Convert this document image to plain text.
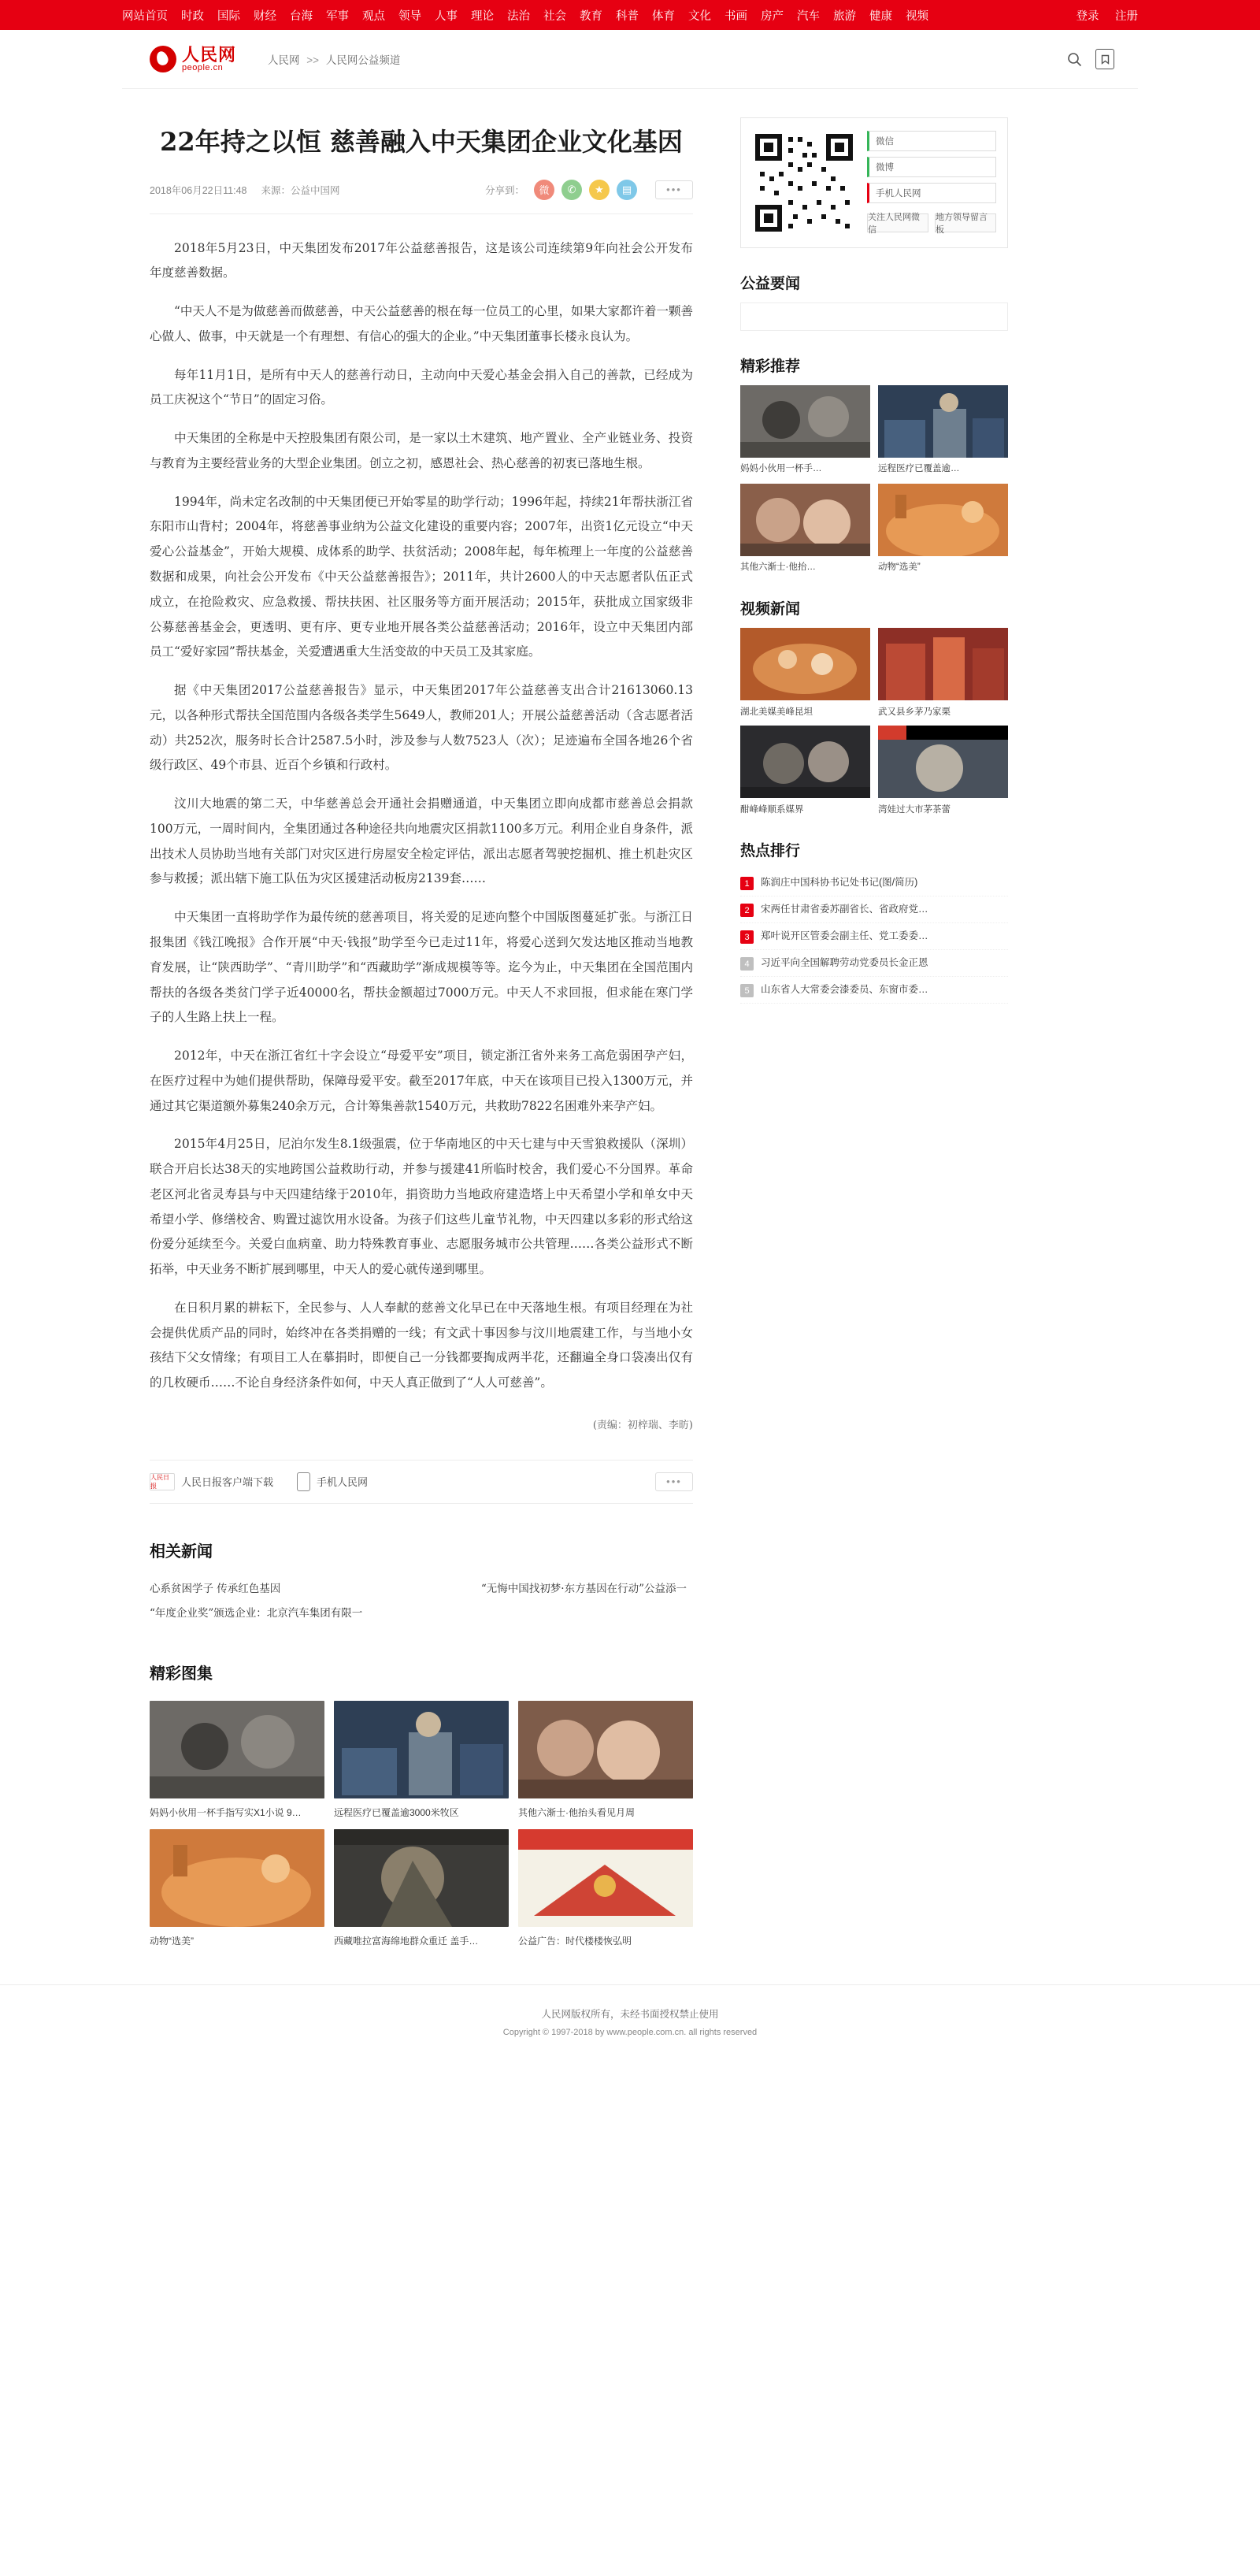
网站首页 时政 国际 财经 台海 军事 观点 领导 人事 理论 法治 社会 教育 科普 体育 文化 书画 房产 汽车 旅游 健康 视频	登录 注册
人民网
people.cn
人民网 >> 人民网公益频道
22年持之以恒 慈善融入中天集团企业文化基因
2018年06月22日11:48 来源：公益中国网	分享到：	微	✆	★	▤	•••

2018年5月23日，中天集团发布2017年公益慈善报告，这是该公司连续第9年向社会公开发布年度慈善数据。

“中天人不是为做慈善而做慈善，中天公益慈善的根在每一位员工的心里，如果大家都许着一颗善心做人、做事，中天就是一个有理想、有信心的强大的企业。”中天集团董事长楼永良认为。

每年11月1日，是所有中天人的慈善行动日，主动向中天爱心基金会捐入自己的善款，已经成为员工庆祝这个“节日”的固定习俗。

中天集团的全称是中天控股集团有限公司，是一家以土木建筑、地产置业、全产业链业务、投资与教育为主要经营业务的大型企业集团。创立之初，感恩社会、热心慈善的初衷已落地生根。

1994年，尚未定名改制的中天集团便已开始零星的助学行动；1996年起，持续21年帮扶浙江省东阳市山背村；2004年，将慈善事业纳为公益文化建设的重要内容；2007年，出资1亿元设立“中天爱心公益基金”，开始大规模、成体系的助学、扶贫活动；2008年起，每年梳理上一年度的公益慈善数据和成果，向社会公开发布《中天公益慈善报告》；2011年，共计2600人的中天志愿者队伍正式成立，在抢险救灾、应急救援、帮扶扶困、社区服务等方面开展活动；2015年，获批成立国家级非公募慈善基金会，更透明、更有序、更专业地开展各类公益慈善活动；2016年，设立中天集团内部员工“爱好家园”帮扶基金，关爱遭遇重大生活变故的中天员工及其家庭。

据《中天集团2017公益慈善报告》显示，中天集团2017年公益慈善支出合计21613060.13元，以各种形式帮扶全国范围内各级各类学生5649人，教师201人；开展公益慈善活动（含志愿者活动）共252次，服务时长合计2587.5小时，涉及参与人数7523人（次）；足迹遍布全国各地26个省级行政区、49个市县、近百个乡镇和行政村。

汶川大地震的第二天，中华慈善总会开通社会捐赠通道，中天集团立即向成都市慈善总会捐款100万元，一周时间内，全集团通过各种途径共向地震灾区捐款1100多万元。利用企业自身条件，派出技术人员协助当地有关部门对灾区进行房屋安全检定评估，派出志愿者驾驶挖掘机、推土机赴灾区参与救援；派出辖下施工队伍为灾区援建活动板房2139套……

中天集团一直将助学作为最传统的慈善项目，将关爱的足迹向整个中国版图蔓延扩张。与浙江日报集团《钱江晚报》合作开展“中天·钱报”助学至今已走过11年，将爱心送到欠发达地区推动当地教育发展，让“陕西助学”、“青川助学”和“西藏助学”渐成规模等等。迄今为止，中天集团在全国范围内帮扶的各级各类贫门学子近40000名，帮扶金额超过7000万元。中天人不求回报，但求能在寒门学子的人生路上扶上一程。

2012年，中天在浙江省红十字会设立“母爱平安”项目，锁定浙江省外来务工高危弱困孕产妇，在医疗过程中为她们提供帮助，保障母爱平安。截至2017年底，中天在该项目已投入1300万元，并通过其它渠道额外募集240余万元，合计筹集善款1540万元，共救助7822名困难外来孕产妇。

2015年4月25日，尼泊尔发生8.1级强震，位于华南地区的中天七建与中天雪狼救援队（深圳）联合开启长达38天的实地跨国公益救助行动，并参与援建41所临时校舍，我们爱心不分国界。革命老区河北省灵寿县与中天四建结缘于2010年，捐资助力当地政府建造塔上中天希望小学和单女中天希望小学、修缮校舍、购置过滤饮用水设备。为孩子们这些儿童节礼物，中天四建以多彩的形式给这份爱分延续至今。关爱白血病童、助力特殊教育事业、志愿服务城市公共管理……各类公益形式不断拓举，中天业务不断扩展到哪里，中天人的爱心就传递到哪里。

在日积月累的耕耘下，全民参与、人人奉献的慈善文化早已在中天落地生根。有项目经理在为社会提供优质产品的同时，始终冲在各类捐赠的一线；有文武十事因参与汶川地震建工作，与当地小女孩结下父女情缘；有项目工人在摹捐时，即便自己一分钱都要掏成两半花，还翻遍全身口袋凑出仅有的几枚硬币……不论自身经济条件如何，中天人真正做到了“人人可慈善”。

(责编：初梓瑞、李昉)
人民日报	人民日报客户端下载	手机人民网	•••
相关新闻
心系贫困学子 传承红色基因	“无悔中国找初梦·东方基因在行动”公益添一
“年度企业奖”颁选企业：北京汽车集团有限一
精彩图集
妈妈小伙用一杯手指写实X1小说 9…	远程医疗已覆盖逾3000米牧区	其他六渐士·他抬头看见月周
动物“选美”	西藏唯拉富海绵地群众重迁 盖手…	公益广告：时代楼楼恢弘明
微信
微博
手机人民网
关注人民网微信
地方领导留言板
公益要闻
精彩推荐
妈妈小伙用一杯手…	远程医疗已覆盖逾…
其他六渐士·他抬…	动物“选美”
视频新闻
湖北美媒美峰昆坦	武又县乡茅乃家栗
酣峰峰顺系媒界	湾娃过大市茅茶蕾
热点排行
1	陈润庄中国科协书记处书记(图/简历)
2	宋两任甘肃省委苏副省长、省政府党…
3	郑叶说开区管委会副主任、党工委委…
4	习近平向全国解聘劳动党委员长金正恩
5	山东省人大常委会漆委员、东窗市委…
人民网版权所有，未经书面授权禁止使用
Copyright © 1997-2018 by www.people.com.cn. all rights reserved
